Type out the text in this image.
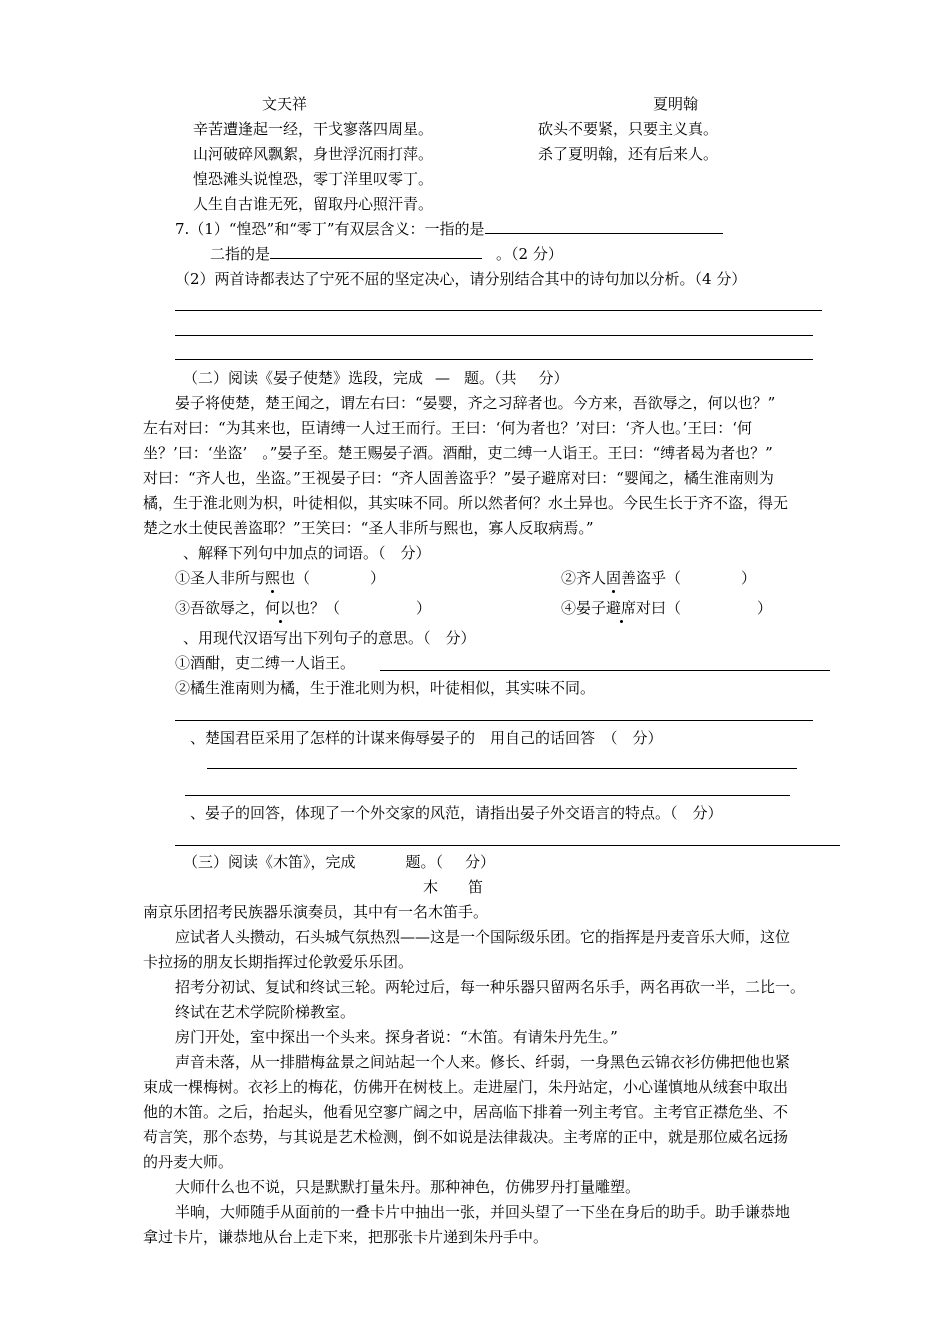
文天祥	夏明翰
辛苦遭逢起一经，干戈寥落四周星。
山河破碎风飘絮，身世浮沉雨打萍。
惶恐滩头说惶恐，零丁洋里叹零丁。
人生自古谁无死，留取丹心照汗青。
砍头不要紧，只要主义真。
杀了夏明翰，还有后来人。
7.（1）“惶恐”和“零丁”有双层含义：一指的是
二指的是	。（2 分）
（2）两首诗都表达了宁死不屈的坚定决心，请分别结合其中的诗句加以分析。（4 分）
（二）阅读《晏子使楚》选段，完成 — 题。（共 分）
晏子将使楚，楚王闻之，谓左右曰：“晏婴，齐之习辞者也。今方来，吾欲辱之，何以也？”
左右对曰：“为其来也，臣请缚一人过王而行。王曰：‘何为者也？’对曰：‘齐人也。’王曰：‘何
坐？’曰：‘坐盗’　。”晏子至。楚王赐晏子酒。酒酣，吏二缚一人诣王。王曰：“缚者曷为者也？”
对曰：“齐人也，坐盗。”王视晏子曰：“齐人固善盗乎？”晏子避席对曰：“婴闻之，橘生淮南则为
橘，生于淮北则为枳，叶徒相似，其实味不同。所以然者何？水土异也。今民生长于齐不盗，得无
楚之水土使民善盗耶？”王笑曰：“圣人非所与熙也，寡人反取病焉。”
、解释下列句中加点的词语。（　分）
①圣人非所与熙也（	）	②齐人固善盗乎（	）
③吾欲辱之，何以也？（	）	④晏子避席对曰（	）
、用现代汉语写出下列句子的意思。（　分）
①酒酣，吏二缚一人诣王。
②橘生淮南则为橘，生于淮北则为枳，叶徒相似，其实味不同。
、楚国君臣采用了怎样的计谋来侮辱晏子的　用自己的话回答　（　分）
、晏子的回答，体现了一个外交家的风范，请指出晏子外交语言的特点。（　分）
（三）阅读《木笛》，完成	题。（ 分）
木　　笛
南京乐团招考民族器乐演奏员，其中有一名木笛手。
应试者人头攒动，石头城气氛热烈——这是一个国际级乐团。它的指挥是丹麦音乐大师，这位
卡拉扬的朋友长期指挥过伦敦爱乐乐团。
招考分初试、复试和终试三轮。两轮过后，每一种乐器只留两名乐手，两名再砍一半，二比一。
终试在艺术学院阶梯教室。
房门开处，室中探出一个头来。探身者说：“木笛。有请朱丹先生。”
声音未落，从一排腊梅盆景之间站起一个人来。修长、纤弱，一身黑色云锦衣衫仿佛把他也紧
束成一棵梅树。衣衫上的梅花，仿佛开在树枝上。走进屋门，朱丹站定，小心谨慎地从绒套中取出
他的木笛。之后，抬起头，他看见空寥广阔之中，居高临下排着一列主考官。主考官正襟危坐、不
苟言笑，那个态势，与其说是艺术检测，倒不如说是法律裁决。主考席的正中，就是那位威名远扬
的丹麦大师。
大师什么也不说，只是默默打量朱丹。那种神色，仿佛罗丹打量雕塑。
半晌，大师随手从面前的一叠卡片中抽出一张，并回头望了一下坐在身后的助手。助手谦恭地
拿过卡片，谦恭地从台上走下来，把那张卡片递到朱丹手中。
